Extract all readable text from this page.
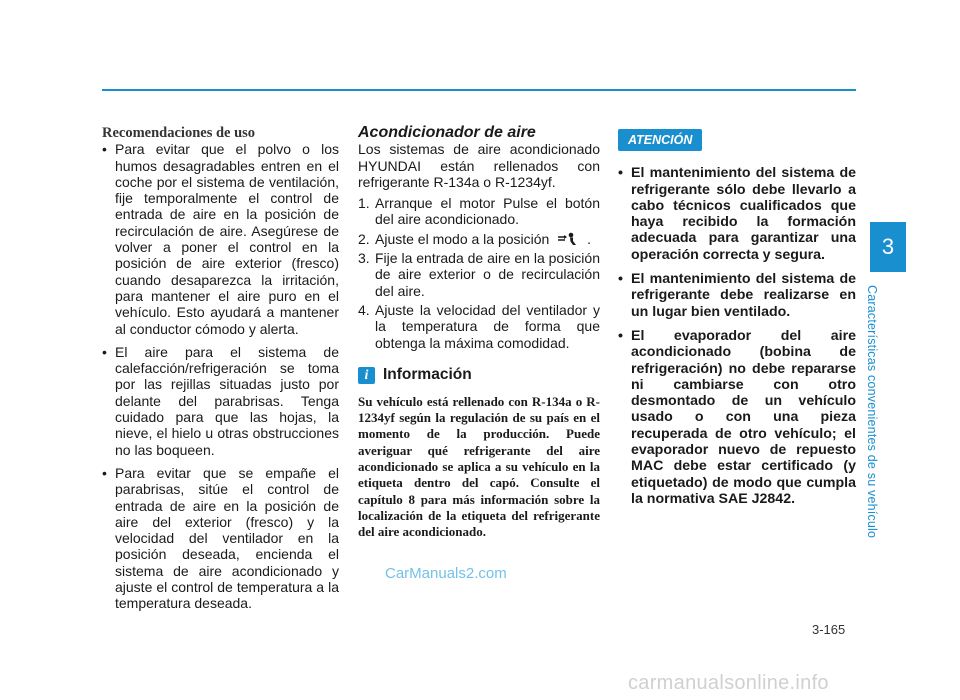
Recomendaciones de uso

• Para evitar que el polvo o los humos desagradables entren en el coche por el sistema de ventilación, fije temporalmente el control de entrada de aire en la posición de recirculación de aire. Asegúrese de volver a poner el control en la posición de aire exterior (fresco) cuando desaparezca la irritación, para mantener el aire puro en el vehículo. Esto ayudará a mantener al conductor cómodo y alerta.
• El aire para el sistema de calefacción/refrigeración se toma por las rejillas situadas justo por delante del parabrisas. Tenga cuidado para que las hojas, la nieve, el hielo u otras obstrucciones no las boqueen.
• Para evitar que se empañe el parabrisas, sitúe el control de entrada de aire en la posición de aire del exterior (fresco) y la velocidad del ventilador en la posición deseada, encienda el sistema de aire acondicionado y ajuste el control de temperatura a la temperatura deseada.

Acondicionador de aire

Los sistemas de aire acondicionado HYUNDAI están rellenados con refrigerante R-134a o R-1234yf.

1. Arranque el motor Pulse el botón del aire acondicionado.
2. Ajuste el modo a la posición	.
3. Fije la entrada de aire en la posición de aire exterior o de recirculación del aire.
4. Ajuste la velocidad del ventilador y la temperatura de forma que obtenga la máxima comodidad.
i Información

Su vehículo está rellenado con R-134a o R-1234yf según la regulación de su país en el momento de la producción. Puede averiguar qué refrigerante del aire acondicionado se aplica a su vehículo en la etiqueta dentro del capó. Consulte el capítulo 8 para más información sobre la localización de la etiqueta del refrigerante del aire acondicionado.

ATENCIÓN
• El mantenimiento del sistema de refrigerante sólo debe llevarlo a cabo técnicos cualificados que haya recibido la formación adecuada para garantizar una operación correcta y segura.
• El mantenimiento del sistema de refrigerante debe realizarse en un lugar bien ventilado.
• El evaporador del aire acondicionado (bobina de refrigeración) no debe repararse ni cambiarse con otro desmontado de un vehículo usado o con una pieza recuperada de otro vehículo; el evaporador nuevo de repuesto MAC debe estar certificado (y etiquetado) de modo que cumpla la normativa SAE J2842.
CarManuals2.com
3
Características convenientes de su vehículo
3-165
carmanualsonline.info
